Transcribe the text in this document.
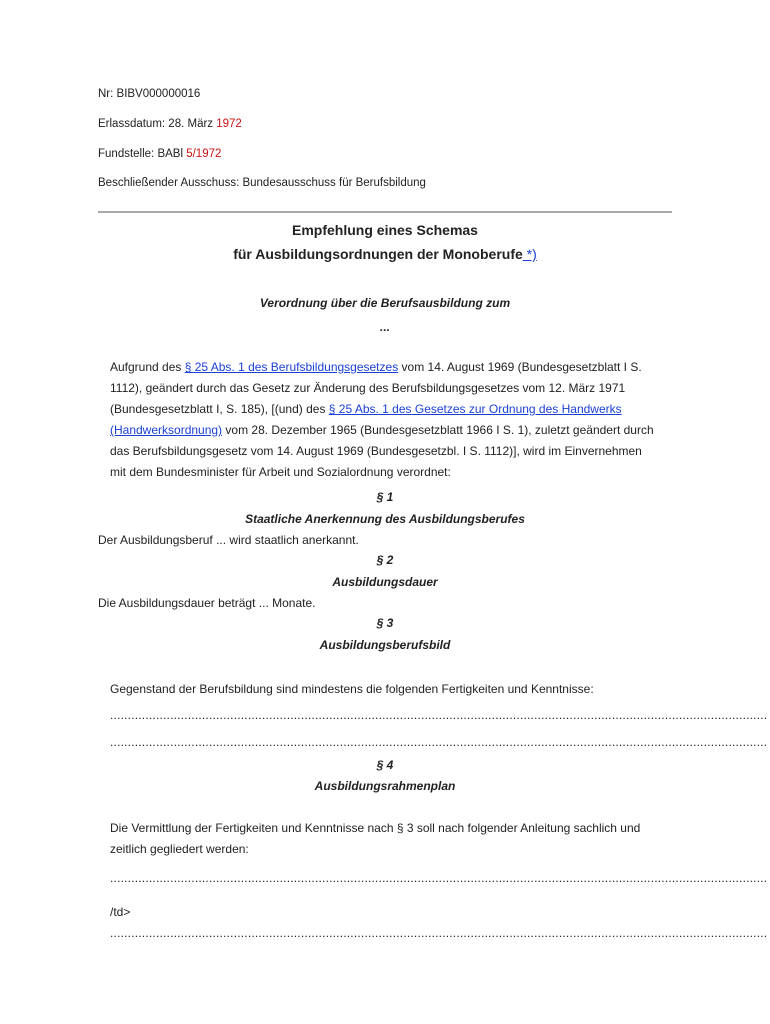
Nr: BIBV000000016
Erlassdatum: 28. März 1972
Fundstelle: BABl 5/1972
Beschließender Ausschuss: Bundesausschuss für Berufsbildung
Empfehlung eines Schemas
für Ausbildungsordnungen der Monoberufe *)
Verordnung über die Berufsausbildung zum
...
Aufgrund des § 25 Abs. 1 des Berufsbildungsgesetzes vom 14. August 1969 (Bundesgesetzblatt I S. 1112), geändert durch das Gesetz zur Änderung des Berufsbildungsgesetzes vom 12. März 1971 (Bundesgesetzblatt I, S. 185), [(und) des § 25 Abs. 1 des Gesetzes zur Ordnung des Handwerks (Handwerksordnung) vom 28. Dezember 1965 (Bundesgesetzblatt 1966 I S. 1), zuletzt geändert durch das Berufsbildungsgesetz vom 14. August 1969 (Bundesgesetzbl. I S. 1112)], wird im Einvernehmen mit dem Bundesminister für Arbeit und Sozialordnung verordnet:
§ 1
Staatliche Anerkennung des Ausbildungsberufes
Der Ausbildungsberuf ... wird staatlich anerkannt.
§ 2
Ausbildungsdauer
Die Ausbildungsdauer beträgt ... Monate.
§ 3
Ausbildungsberufsbild
Gegenstand der Berufsbildung sind mindestens die folgenden Fertigkeiten und Kenntnisse:
..........................................................................................................................................................................................
..........................................................................................................................................................................................
§ 4
Ausbildungsrahmenplan
Die Vermittlung der Fertigkeiten und Kenntnisse nach § 3 soll nach folgender Anleitung sachlich und zeitlich gegliedert werden:
..........................................................................................................................................................................................
/td>
..........................................................................................................................................................................................
